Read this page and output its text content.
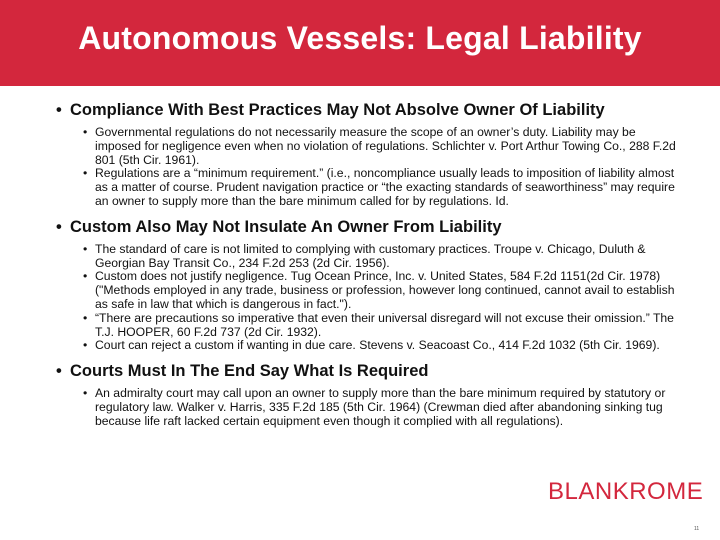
Autonomous Vessels: Legal Liability
• Compliance With Best Practices May Not Absolve Owner Of Liability
• Governmental regulations do not necessarily measure the scope of an owner’s duty. Liability may be imposed for negligence even when no violation of regulations. Schlichter v. Port Arthur Towing Co., 288 F.2d 801 (5th Cir. 1961).
• Regulations are a “minimum requirement.” (i.e., noncompliance usually leads to imposition of liability almost as a matter of course. Prudent navigation practice or “the exacting standards of seaworthiness” may require an owner to supply more than the bare minimum called for by regulations. Id.
• Custom Also May Not Insulate An Owner From Liability
• The standard of care is not limited to complying with customary practices. Troupe v. Chicago, Duluth & Georgian Bay Transit Co., 234 F.2d 253 (2d Cir. 1956).
• Custom does not justify negligence. Tug Ocean Prince, Inc. v. United States, 584 F.2d 1151(2d Cir. 1978) ("Methods employed in any trade, business or profession, however long continued, cannot avail to establish as safe in law that which is dangerous in fact.").
• “There are precautions so imperative that even their universal disregard will not excuse their omission.” The T.J. HOOPER, 60 F.2d 737 (2d Cir. 1932).
• Court can reject a custom if wanting in due care. Stevens v. Seacoast Co., 414 F.2d 1032 (5th Cir. 1969).
• Courts Must In The End Say What Is Required
• An admiralty court may call upon an owner to supply more than the bare minimum required by statutory or regulatory law. Walker v. Harris, 335 F.2d 185 (5th Cir. 1964) (Crewman died after abandoning sinking tug because life raft lacked certain equipment even though it complied with all regulations).
BLANKROME
11
